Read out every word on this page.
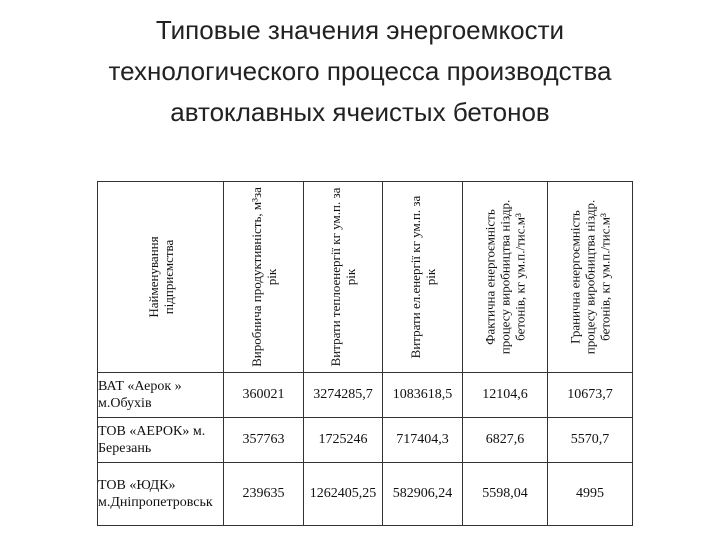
Типовые значения энергоемкости
технологического процесса производства
автоклавных ячеистых бетонов
Найменування підприємства	Виробнича продуктивність, м³за рік	Витрати теплоенергії кг ум.п. за рік	Витрати ел.енергії кг ум.п. за рік	Фактична енергоємність процесу виробництва ніздр. бетонів, кг ум.п./тис.м³	Гранична енергоємність процесу виробництва ніздр. бетонів, кг ум.п./тис.м³

ВАТ «Аерок » м.Обухів	360021	3274285,7	1083618,5	12104,6	10673,7
ТОВ «АЕРОК» м. Березань	357763	1725246	717404,3	6827,6	5570,7
ТОВ «ЮДК» м.Дніпропетровськ	239635	1262405,25	582906,24	5598,04	4995
